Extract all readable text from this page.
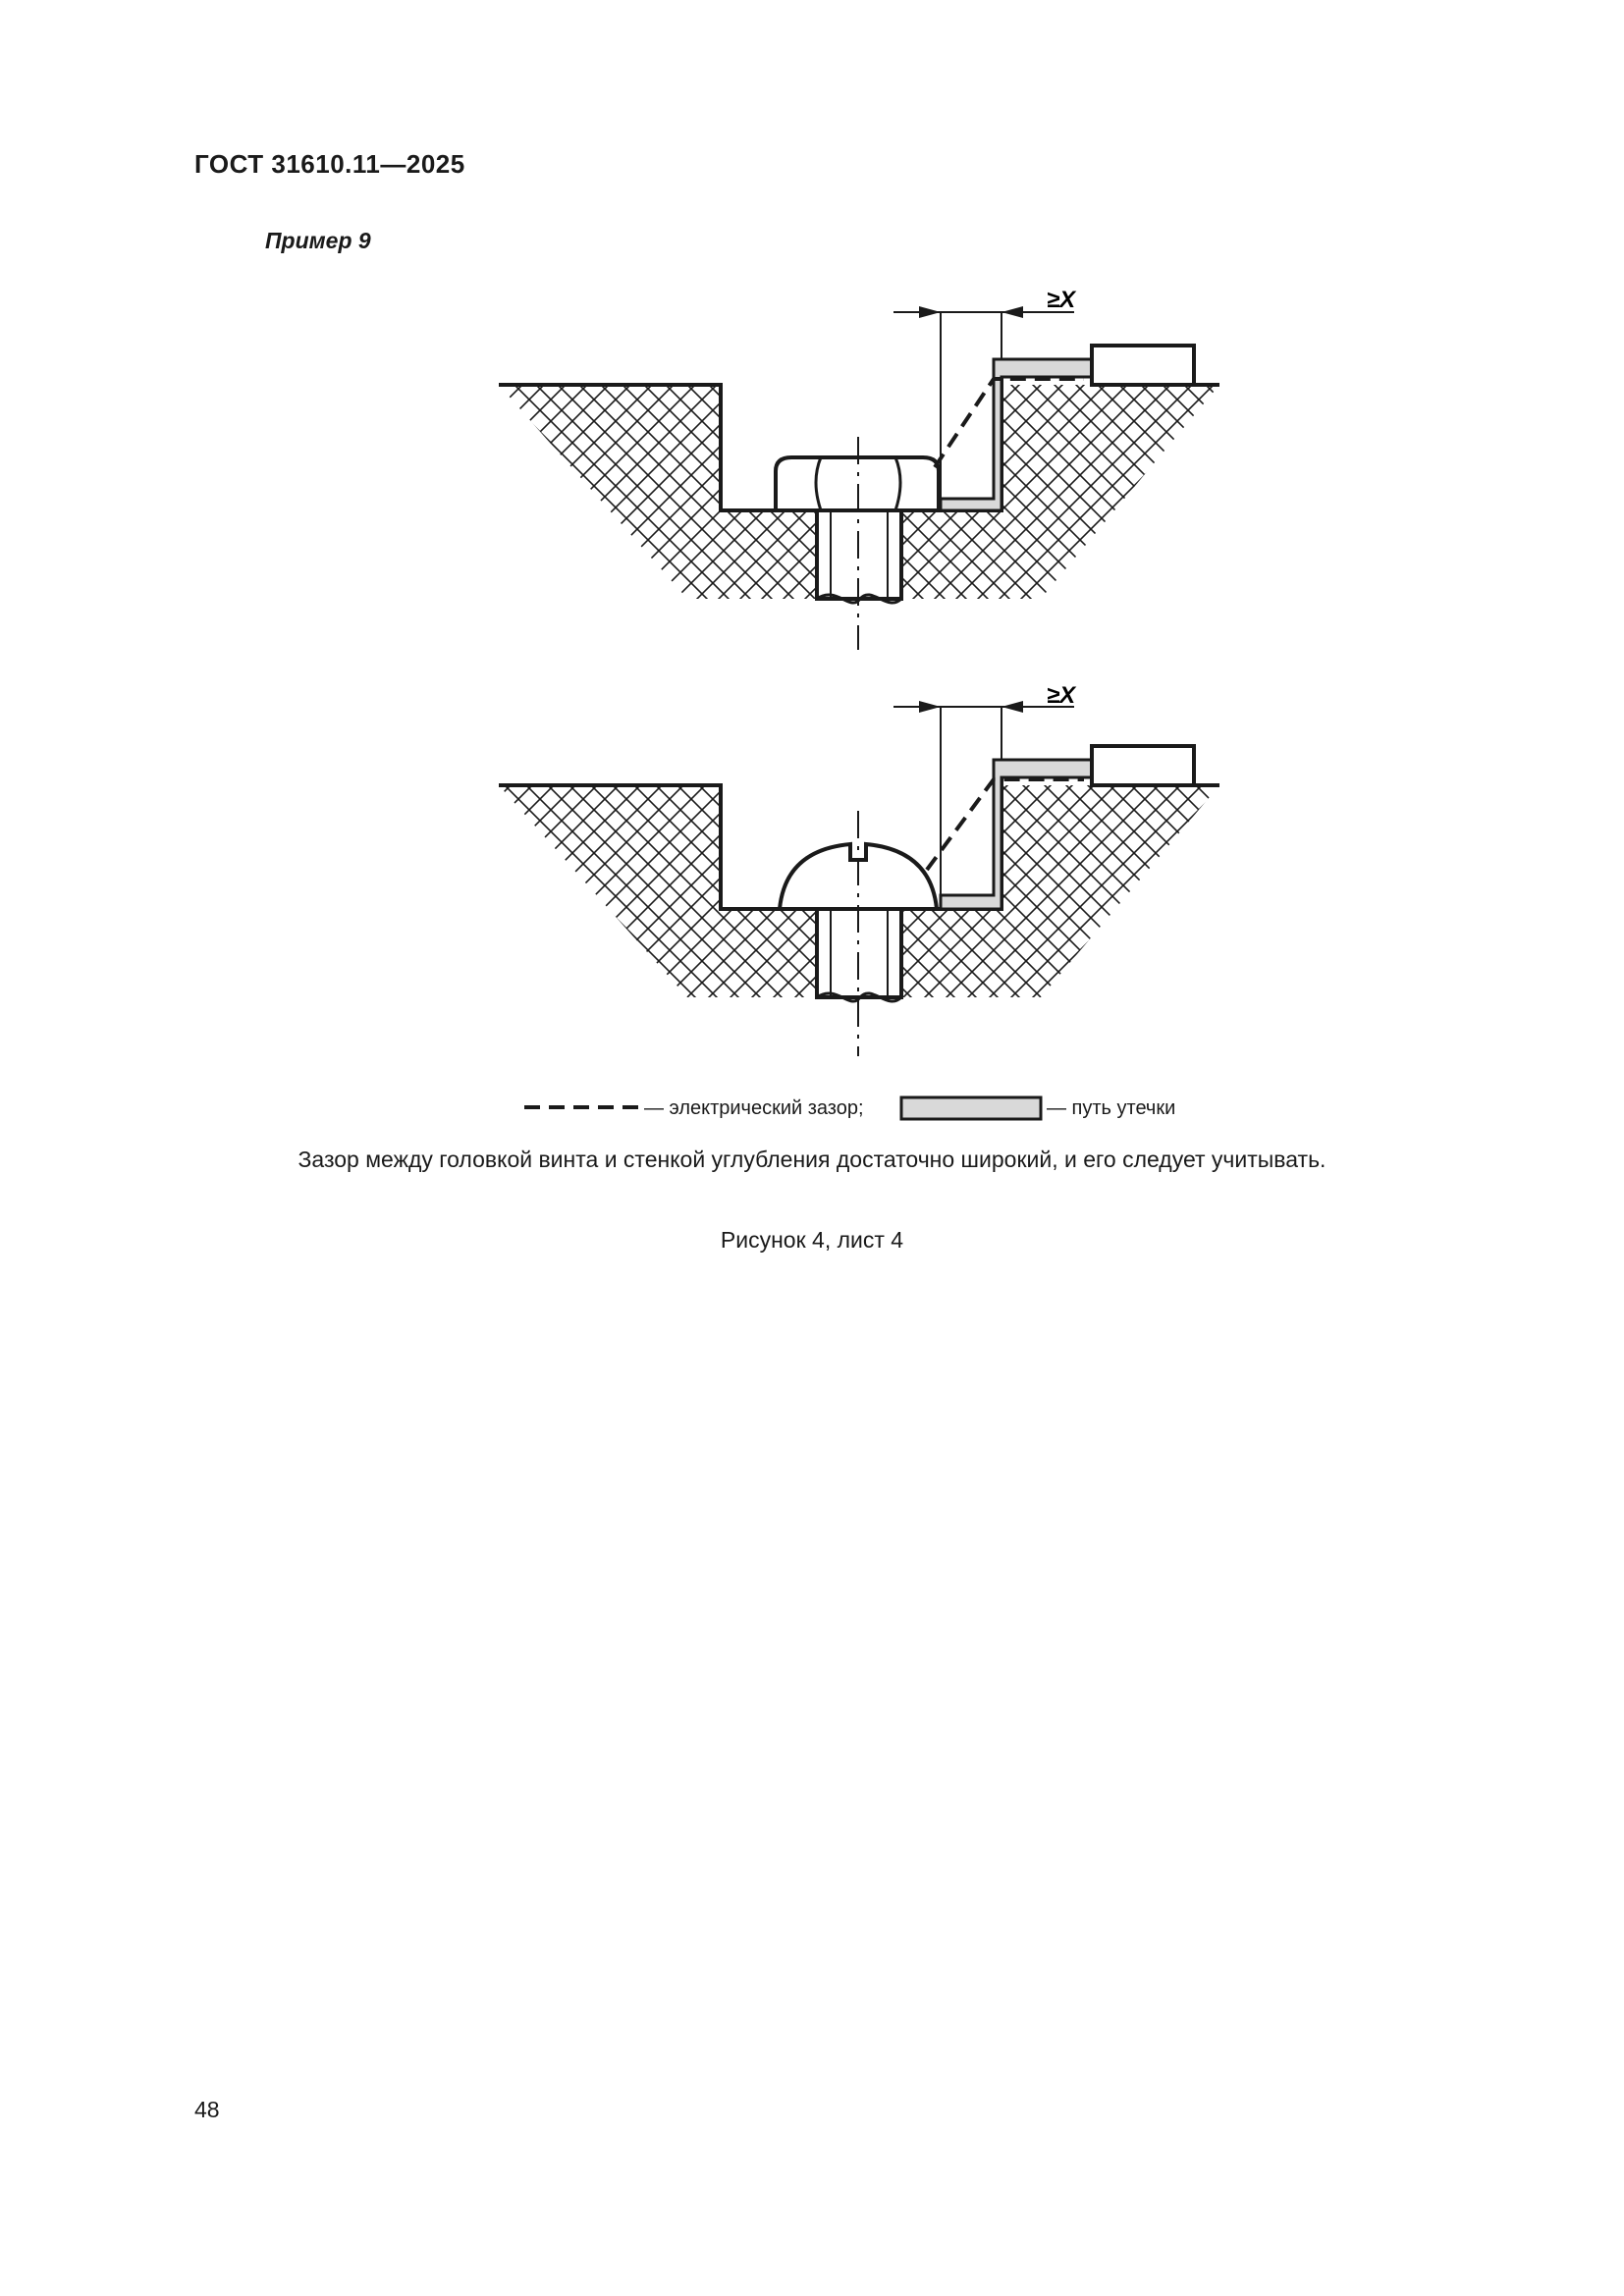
ГОСТ 31610.11—2025
Пример 9
≥X
≥X
— электрический зазор;	— путь утечки
Зазор между головкой винта и стенкой углубления достаточно широкий, и его следует учитывать.
Рисунок 4, лист 4
48
